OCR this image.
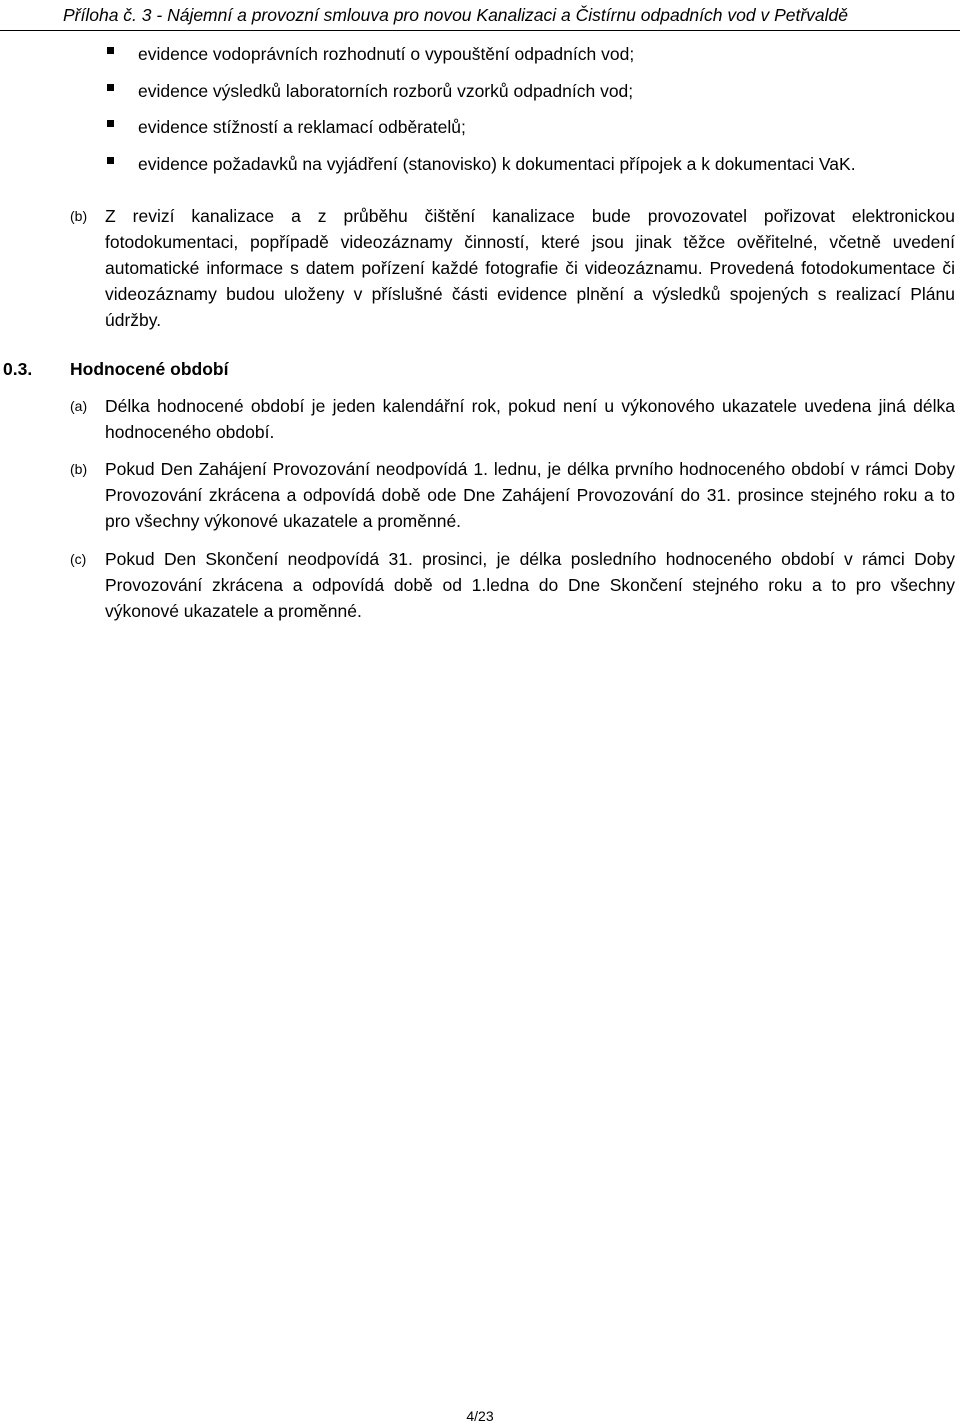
Příloha č. 3 - Nájemní a provozní smlouva pro novou Kanalizaci a Čistírnu odpadních vod v Petřvaldě
evidence vodoprávních rozhodnutí o vypouštění odpadních vod;
evidence výsledků laboratorních rozborů vzorků odpadních vod;
evidence stížností a reklamací odběratelů;
evidence požadavků na vyjádření (stanovisko) k dokumentaci přípojek a k dokumentaci VaK.
(b) Z revizí kanalizace a z průběhu čištění kanalizace bude provozovatel pořizovat elektronickou fotodokumentaci, popřípadě videozáznamy činností, které jsou jinak těžce ověřitelné, včetně uvedení automatické informace s datem pořízení každé fotografie či videozáznamu. Provedená fotodokumentace či videozáznamy budou uloženy v příslušné části evidence plnění a výsledků spojených s realizací Plánu údržby.
0.3. Hodnocené období
(a) Délka hodnocené období je jeden kalendářní rok, pokud není u výkonového ukazatele uvedena jiná délka hodnoceného období.
(b) Pokud Den Zahájení Provozování neodpovídá 1. lednu, je délka prvního hodnoceného období v rámci Doby Provozování zkrácena a odpovídá době ode Dne Zahájení Provozování do 31. prosince stejného roku a to pro všechny výkonové ukazatele a proměnné.
(c) Pokud Den Skončení neodpovídá 31. prosinci, je délka posledního hodnoceného období v rámci Doby Provozování zkrácena a odpovídá době od 1.ledna do Dne Skončení stejného roku a to pro všechny výkonové ukazatele a proměnné.
4/23
